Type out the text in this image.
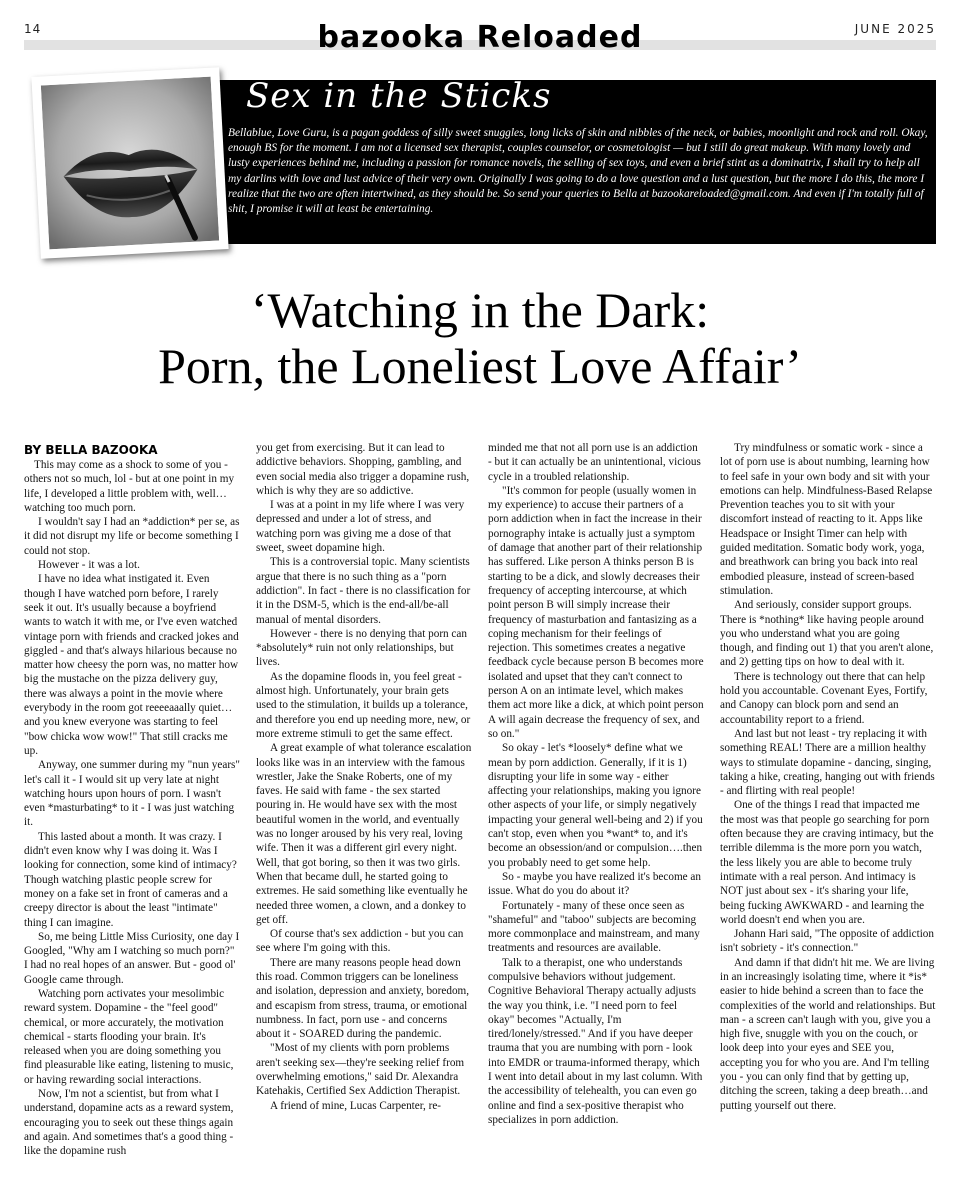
14	bazooka Reloaded	JUNE 2025
Sex in the Sticks
Bellablue, Love Guru, is a pagan goddess of silly sweet snuggles, long licks of skin and nibbles of the neck, or babies, moonlight and rock and roll. Okay, enough BS for the moment. I am not a licensed sex therapist, couples counselor, or cosmetologist — but I still do great makeup. With many lovely and lusty experiences behind me, including a passion for romance novels, the selling of sex toys, and even a brief stint as a dominatrix, I shall try to help all my darlins with love and lust advice of their very own. Originally I was going to do a love question and a lust question, but the more I do this, the more I realize that the two are often intertwined, as they should be. So send your queries to Bella at bazookareloaded@gmail.com. And even if I'm totally full of shit, I promise it will at least be entertaining.
‘Watching in the Dark:
Porn, the Loneliest Love Affair’
BY BELLA BAZOOKA

This may come as a shock to some of you - others not so much, lol - but at one point in my life, I developed a little problem with, well…watching too much porn.

I wouldn't say I had an *addiction* per se, as it did not disrupt my life or become something I could not stop.

However - it was a lot.

I have no idea what instigated it. Even though I have watched porn before, I rarely seek it out. It's usually because a boyfriend wants to watch it with me, or I've even watched vintage porn with friends and cracked jokes and giggled - and that's always hilarious because no matter how cheesy the porn was, no matter how big the mustache on the pizza delivery guy, there was always a point in the movie where everybody in the room got reeeeaaally quiet…and you knew everyone was starting to feel "bow chicka wow wow!" That still cracks me up.

Anyway, one summer during my "nun years" let's call it - I would sit up very late at night watching hours upon hours of porn. I wasn't even *masturbating* to it - I was just watching it.

This lasted about a month. It was crazy. I didn't even know why I was doing it. Was I looking for connection, some kind of intimacy? Though watching plastic people screw for money on a fake set in front of cameras and a creepy director is about the least "intimate" thing I can imagine.

So, me being Little Miss Curiosity, one day I Googled, "Why am I watching so much porn?" I had no real hopes of an answer. But - good ol' Google came through.

Watching porn activates your mesolimbic reward system. Dopamine - the "feel good" chemical, or more accurately, the motivation chemical - starts flooding your brain. It's released when you are doing something you find pleasurable like eating, listening to music, or having rewarding social interactions.

Now, I'm not a scientist, but from what I understand, dopamine acts as a reward system, encouraging you to seek out these things again and again. And sometimes that's a good thing - like the dopamine rush

you get from exercising. But it can lead to addictive behaviors. Shopping, gambling, and even social media also trigger a dopamine rush, which is why they are so addictive.

I was at a point in my life where I was very depressed and under a lot of stress, and watching porn was giving me a dose of that sweet, sweet dopamine high.

This is a controversial topic. Many scientists argue that there is no such thing as a "porn addiction". In fact - there is no classification for it in the DSM-5, which is the end-all/be-all manual of mental disorders.

However - there is no denying that porn can *absolutely* ruin not only relationships, but lives.

As the dopamine floods in, you feel great - almost high. Unfortunately, your brain gets used to the stimulation, it builds up a tolerance, and therefore you end up needing more, new, or more extreme stimuli to get the same effect.

A great example of what tolerance escalation looks like was in an interview with the famous wrestler, Jake the Snake Roberts, one of my faves. He said with fame - the sex started pouring in. He would have sex with the most beautiful women in the world, and eventually was no longer aroused by his very real, loving wife. Then it was a different girl every night. Well, that got boring, so then it was two girls. When that became dull, he started going to extremes. He said something like eventually he needed three women, a clown, and a donkey to get off.

Of course that's sex addiction - but you can see where I'm going with this.

There are many reasons people head down this road. Common triggers can be loneliness and isolation, depression and anxiety, boredom, and escapism from stress, trauma, or emotional numbness. In fact, porn use - and concerns about it - SOARED during the pandemic.

"Most of my clients with porn problems aren't seeking sex—they're seeking relief from overwhelming emotions," said Dr. Alexandra Katehakis, Certified Sex Addiction Therapist.

A friend of mine, Lucas Carpenter, re-

minded me that not all porn use is an addiction - but it can actually be an unintentional, vicious cycle in a troubled relationship.

"It's common for people (usually women in my experience) to accuse their partners of a porn addiction when in fact the increase in their pornography intake is actually just a symptom of damage that another part of their relationship has suffered. Like person A thinks person B is starting to be a dick, and slowly decreases their frequency of accepting intercourse, at which point person B will simply increase their frequency of masturbation and fantasizing as a coping mechanism for their feelings of rejection. This sometimes creates a negative feedback cycle because person B becomes more isolated and upset that they can't connect to person A on an intimate level, which makes them act more like a dick, at which point person A will again decrease the frequency of sex, and so on."

So okay - let's *loosely* define what we mean by porn addiction. Generally, if it is 1) disrupting your life in some way - either affecting your relationships, making you ignore other aspects of your life, or simply negatively impacting your general well-being and 2) if you can't stop, even when you *want* to, and it's become an obsession/and or compulsion….then you probably need to get some help.

So - maybe you have realized it's become an issue. What do you do about it?

Fortunately - many of these once seen as "shameful" and "taboo" subjects are becoming more commonplace and mainstream, and many treatments and resources are available.

Talk to a therapist, one who understands compulsive behaviors without judgement. Cognitive Behavioral Therapy actually adjusts the way you think, i.e. "I need porn to feel okay" becomes "Actually, I'm tired/lonely/stressed." And if you have deeper trauma that you are numbing with porn - look into EMDR or trauma-informed therapy, which I went into detail about in my last column. With the accessibility of telehealth, you can even go online and find a sex-positive therapist who specializes in porn addiction.

Try mindfulness or somatic work - since a lot of porn use is about numbing, learning how to feel safe in your own body and sit with your emotions can help. Mindfulness-Based Relapse Prevention teaches you to sit with your discomfort instead of reacting to it. Apps like Headspace or Insight Timer can help with guided meditation. Somatic body work, yoga, and breathwork can bring you back into real embodied pleasure, instead of screen-based stimulation.

And seriously, consider support groups. There is *nothing* like having people around you who understand what you are going though, and finding out 1) that you aren't alone, and 2) getting tips on how to deal with it.

There is technology out there that can help hold you accountable. Covenant Eyes, Fortify, and Canopy can block porn and send an accountability report to a friend.

And last but not least - try replacing it with something REAL! There are a million healthy ways to stimulate dopamine - dancing, singing, taking a hike, creating, hanging out with friends - and flirting with real people!

One of the things I read that impacted me the most was that people go searching for porn often because they are craving intimacy, but the terrible dilemma is the more porn you watch, the less likely you are able to become truly intimate with a real person. And intimacy is NOT just about sex - it's sharing your life, being fucking AWKWARD - and learning the world doesn't end when you are.

Johann Hari said, "The opposite of addiction isn't sobriety - it's connection."

And damn if that didn't hit me. We are living in an increasingly isolating time, where it *is* easier to hide behind a screen than to face the complexities of the world and relationships. But man - a screen can't laugh with you, give you a high five, snuggle with you on the couch, or look deep into your eyes and SEE you, accepting you for who you are. And I'm telling you - you can only find that by getting up, ditching the screen, taking a deep breath…and putting yourself out there.
